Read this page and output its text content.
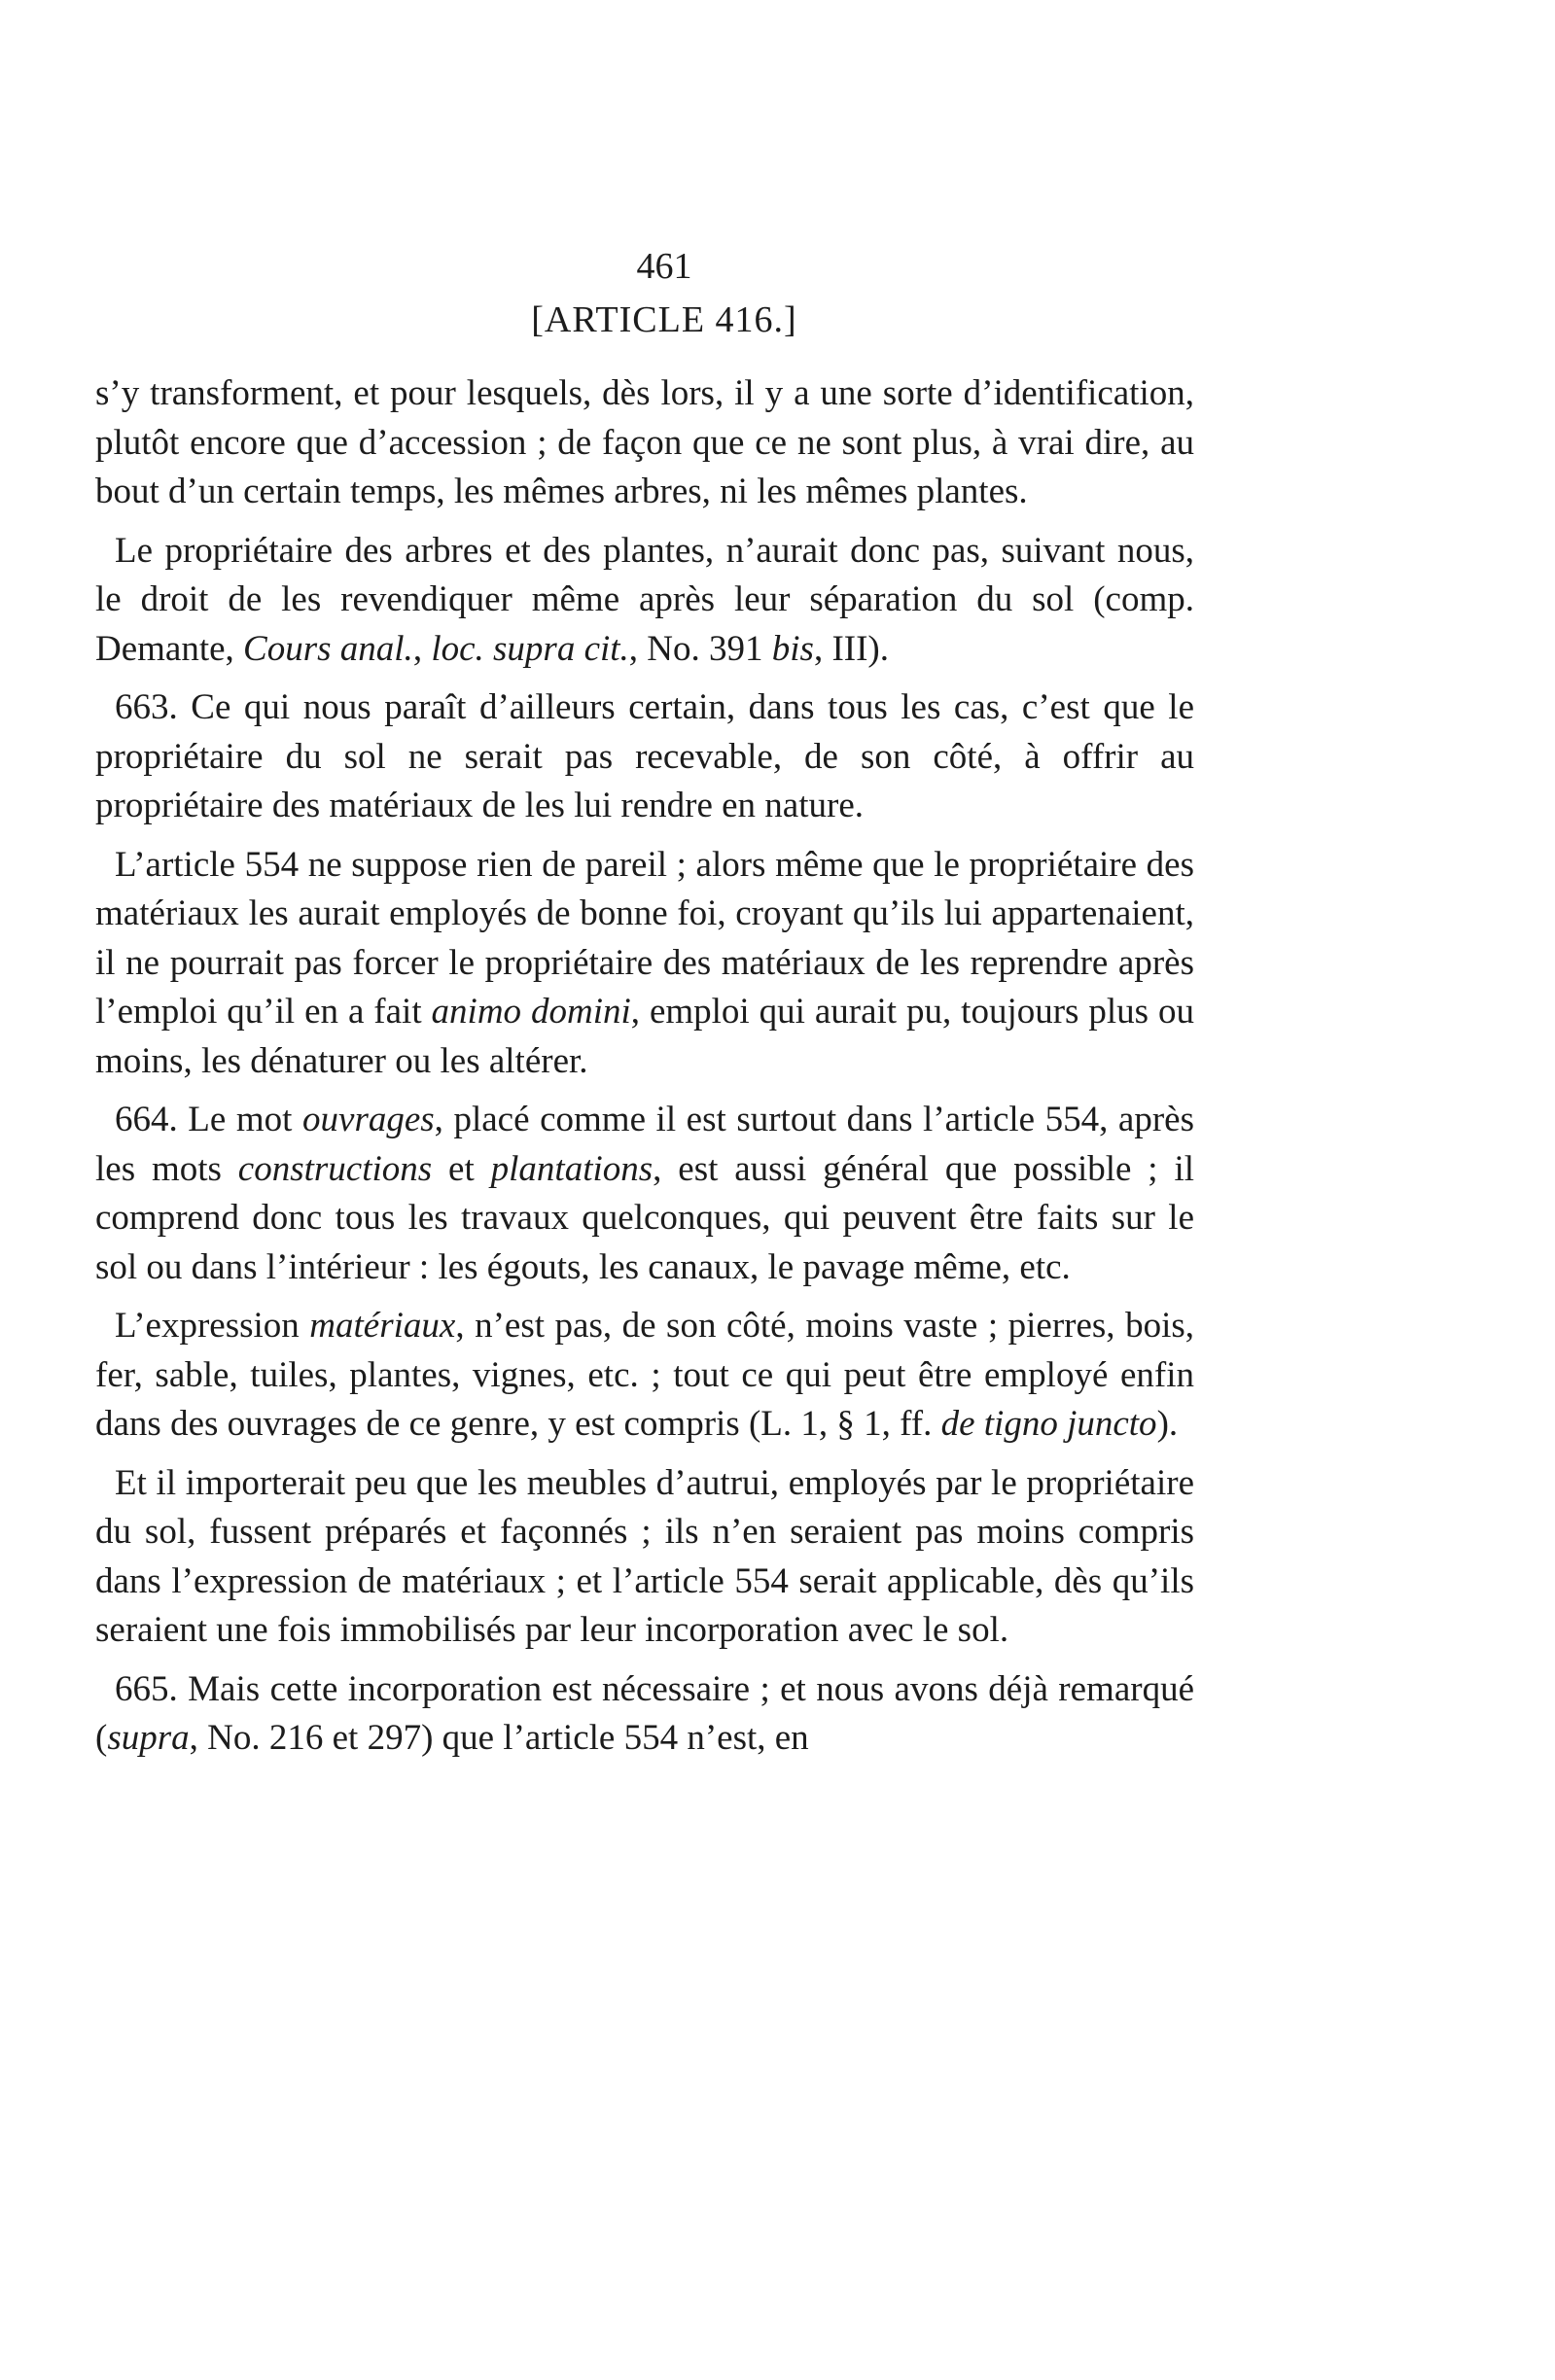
461
[ARTICLE 416.]

s’y transforment, et pour lesquels, dès lors, il y a une sorte d’identification, plutôt encore que d’accession ; de façon que ce ne sont plus, à vrai dire, au bout d’un certain temps, les mêmes arbres, ni les mêmes plantes.

Le propriétaire des arbres et des plantes, n’aurait donc pas, suivant nous, le droit de les revendiquer même après leur séparation du sol (comp. Demante, Cours anal., loc. supra cit., No. 391 bis, III).

663. Ce qui nous paraît d’ailleurs certain, dans tous les cas, c’est que le propriétaire du sol ne serait pas recevable, de son côté, à offrir au propriétaire des matériaux de les lui rendre en nature.

L’article 554 ne suppose rien de pareil ; alors même que le propriétaire des matériaux les aurait employés de bonne foi, croyant qu’ils lui appartenaient, il ne pourrait pas forcer le propriétaire des matériaux de les reprendre après l’emploi qu’il en a fait animo domini, emploi qui aurait pu, toujours plus ou moins, les dénaturer ou les altérer.

664. Le mot ouvrages, placé comme il est surtout dans l’article 554, après les mots constructions et plantations, est aussi général que possible ; il comprend donc tous les travaux quelconques, qui peuvent être faits sur le sol ou dans l’intérieur : les égouts, les canaux, le pavage même, etc.

L’expression matériaux, n’est pas, de son côté, moins vaste ; pierres, bois, fer, sable, tuiles, plantes, vignes, etc. ; tout ce qui peut être employé enfin dans des ouvrages de ce genre, y est compris (L. 1, § 1, ff. de tigno juncto).

Et il importerait peu que les meubles d’autrui, employés par le propriétaire du sol, fussent préparés et façonnés ; ils n’en seraient pas moins compris dans l’expression de matériaux ; et l’article 554 serait applicable, dès qu’ils seraient une fois immobilisés par leur incorporation avec le sol.

665. Mais cette incorporation est nécessaire ; et nous avons déjà remarqué (supra, No. 216 et 297) que l’article 554 n’est, en
